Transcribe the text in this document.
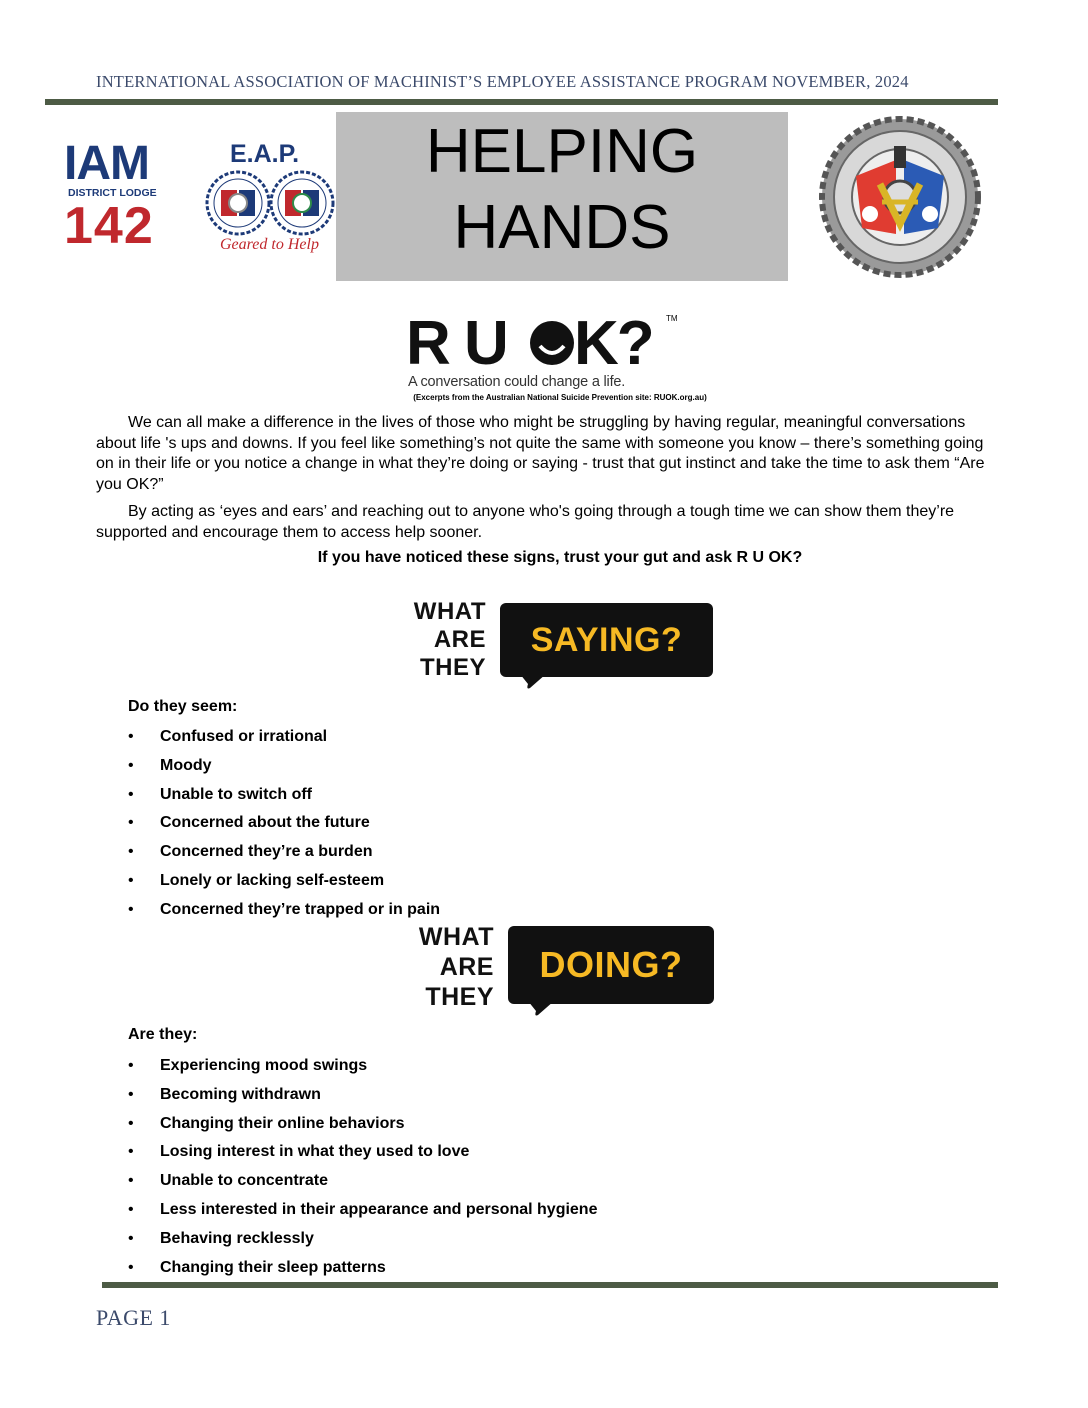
INTERNATIONAL ASSOCIATION OF MACHINIST’S EMPLOYEE ASSISTANCE PROGRAM NOVEMBER, 2024
IAM
DISTRICT LODGE
142
E.A.P.
Geared to Help
HELPING
HANDS
R U K? TM
A conversation could change a life.
(Excerpts from the Australian National Suicide Prevention site: RUOK.org.au)
We can all make a difference in the lives of those who might be struggling by having regular, meaningful conversations about life 's ups and downs. If you feel like something’s not quite the same with someone you know – there’s something going on in their life or you notice a change in what they’re doing or saying - trust that gut instinct and take the time to ask them “Are you OK?”
By acting as ‘eyes and ears’ and reaching out to anyone who's going through a tough time we can show them they’re supported and encourage them to access help sooner.
If you have noticed these signs, trust your gut and ask R U OK?
WHAT
ARE
THEY
SAYING?
Do they seem:
• Confused or irrational
• Moody
• Unable to switch off
• Concerned about the future
• Concerned they’re a burden
• Lonely or lacking self-esteem
• Concerned they’re trapped or in pain
WHAT
ARE
THEY
DOING?
Are they:
• Experiencing mood swings
• Becoming withdrawn
• Changing their online behaviors
• Losing interest in what they used to love
• Unable to concentrate
• Less interested in their appearance and personal hygiene
• Behaving recklessly
• Changing their sleep patterns
PAGE 1
